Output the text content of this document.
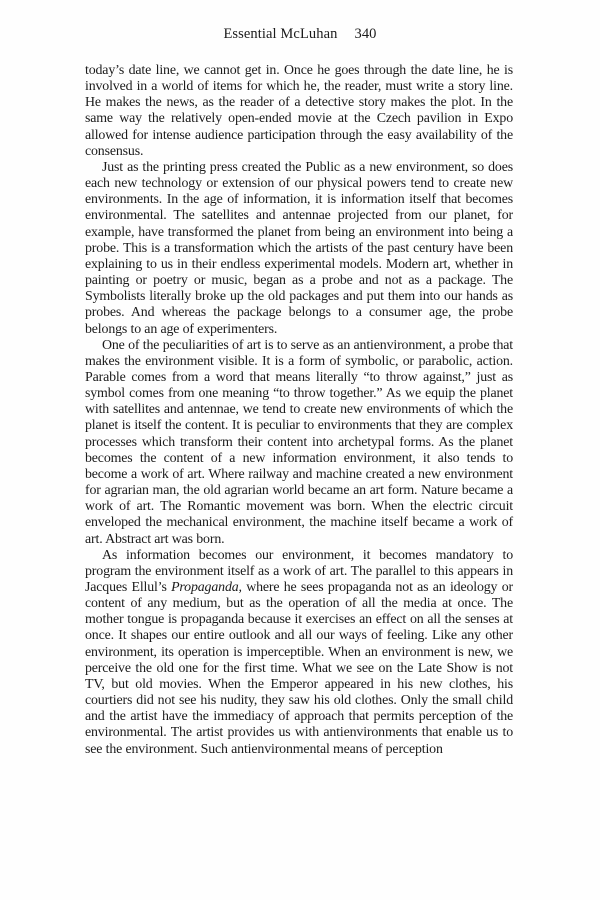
Essential McLuhan 340

today’s date line, we cannot get in. Once he goes through the date line, he is involved in a world of items for which he, the reader, must write a story line. He makes the news, as the reader of a detective story makes the plot. In the same way the relatively open-ended movie at the Czech pavilion in Expo allowed for intense audience participation through the easy availability of the consensus.

Just as the printing press created the Public as a new environment, so does each new technology or extension of our physical powers tend to create new environments. In the age of information, it is information itself that becomes environmental. The satellites and antennae projected from our planet, for example, have transformed the planet from being an environment into being a probe. This is a transformation which the artists of the past century have been explaining to us in their endless experimental models. Modern art, whether in painting or poetry or music, began as a probe and not as a package. The Symbolists literally broke up the old packages and put them into our hands as probes. And whereas the package belongs to a consumer age, the probe belongs to an age of experimenters.

One of the peculiarities of art is to serve as an antienvironment, a probe that makes the environment visible. It is a form of symbolic, or parabolic, action. Parable comes from a word that means literally “to throw against,” just as symbol comes from one meaning “to throw together.” As we equip the planet with satellites and antennae, we tend to create new environments of which the planet is itself the content. It is peculiar to environments that they are complex processes which transform their content into archetypal forms. As the planet becomes the content of a new information environment, it also tends to become a work of art. Where railway and machine created a new environment for agrarian man, the old agrarian world became an art form. Nature became a work of art. The Romantic movement was born. When the electric circuit enveloped the mechanical environment, the machine itself became a work of art. Abstract art was born.

As information becomes our environment, it becomes mandatory to program the environment itself as a work of art. The parallel to this appears in Jacques Ellul’s Propaganda, where he sees propaganda not as an ideology or content of any medium, but as the operation of all the media at once. The mother tongue is propaganda because it exercises an effect on all the senses at once. It shapes our entire outlook and all our ways of feeling. Like any other environment, its operation is imperceptible. When an environment is new, we perceive the old one for the first time. What we see on the Late Show is not TV, but old movies. When the Emperor appeared in his new clothes, his courtiers did not see his nudity, they saw his old clothes. Only the small child and the artist have the immediacy of approach that permits perception of the environmental. The artist provides us with antienvironments that enable us to see the environment. Such antienvironmental means of perception
